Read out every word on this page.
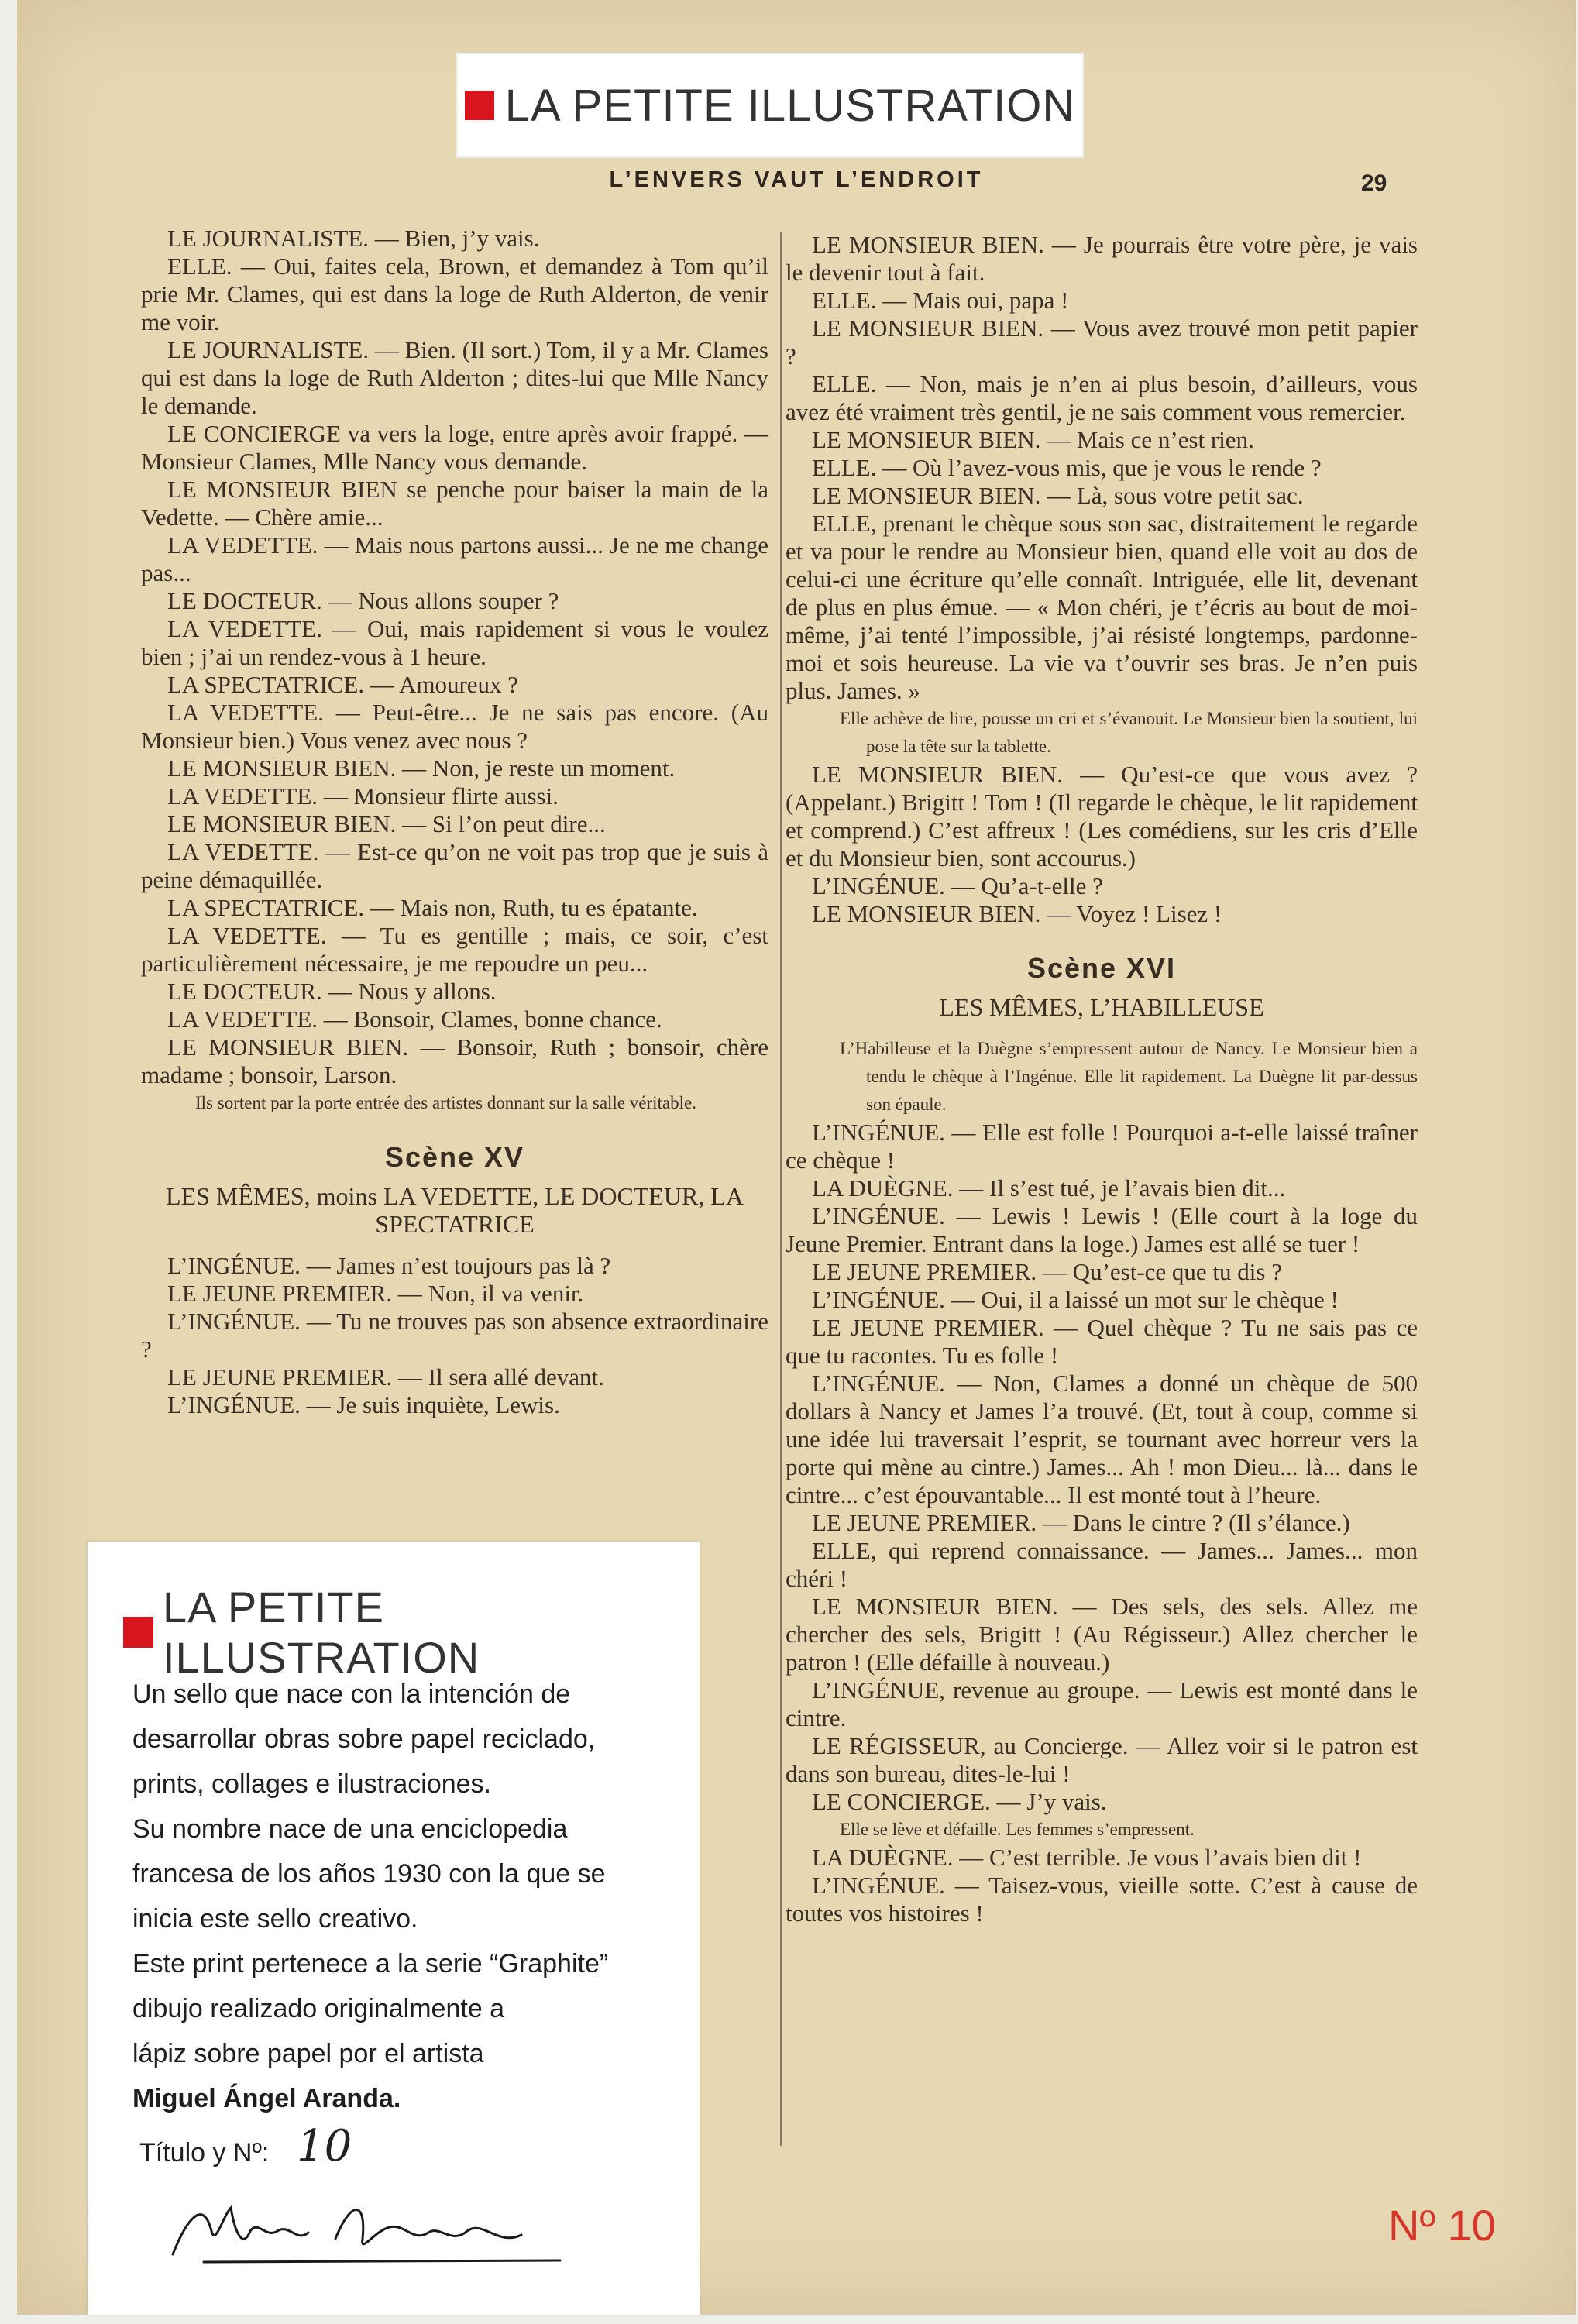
LA PETITE ILLUSTRATION
L’ENVERS VAUT L’ENDROIT	29

LE JOURNALISTE. — Bien, j’y vais.

ELLE. — Oui, faites cela, Brown, et demandez à Tom qu’il prie Mr. Clames, qui est dans la loge de Ruth Alderton, de venir me voir.

LE JOURNALISTE. — Bien. (Il sort.) Tom, il y a Mr. Clames qui est dans la loge de Ruth Alderton ; dites-lui que Mlle Nancy le demande.

LE CONCIERGE va vers la loge, entre après avoir frappé. — Monsieur Clames, Mlle Nancy vous demande.

LE MONSIEUR BIEN se penche pour baiser la main de la Vedette. — Chère amie...

LA VEDETTE. — Mais nous partons aussi... Je ne me change pas...

LE DOCTEUR. — Nous allons souper ?

LA VEDETTE. — Oui, mais rapidement si vous le voulez bien ; j’ai un rendez-vous à 1 heure.

LA SPECTATRICE. — Amoureux ?

LA VEDETTE. — Peut-être... Je ne sais pas encore. (Au Monsieur bien.) Vous venez avec nous ?

LE MONSIEUR BIEN. — Non, je reste un moment.

LA VEDETTE. — Monsieur flirte aussi.

LE MONSIEUR BIEN. — Si l’on peut dire...

LA VEDETTE. — Est-ce qu’on ne voit pas trop que je suis à peine démaquillée.

LA SPECTATRICE. — Mais non, Ruth, tu es épatante.

LA VEDETTE. — Tu es gentille ; mais, ce soir, c’est particulièrement nécessaire, je me repoudre un peu...

LE DOCTEUR. — Nous y allons.

LA VEDETTE. — Bonsoir, Clames, bonne chance.

LE MONSIEUR BIEN. — Bonsoir, Ruth ; bonsoir, chère madame ; bonsoir, Larson.

Ils sortent par la porte entrée des artistes donnant sur la salle véritable.

Scène XV
LES MÊMES, moins LA VEDETTE, LE DOCTEUR, LA SPECTATRICE

L’INGÉNUE. — James n’est toujours pas là ?

LE JEUNE PREMIER. — Non, il va venir.

L’INGÉNUE. — Tu ne trouves pas son absence extraordinaire ?

LE JEUNE PREMIER. — Il sera allé devant.

L’INGÉNUE. — Je suis inquiète, Lewis.

LE MONSIEUR BIEN. — Je pourrais être votre père, je vais le devenir tout à fait.

ELLE. — Mais oui, papa !

LE MONSIEUR BIEN. — Vous avez trouvé mon petit papier ?

ELLE. — Non, mais je n’en ai plus besoin, d’ailleurs, vous avez été vraiment très gentil, je ne sais comment vous remercier.

LE MONSIEUR BIEN. — Mais ce n’est rien.

ELLE. — Où l’avez-vous mis, que je vous le rende ?

LE MONSIEUR BIEN. — Là, sous votre petit sac.

ELLE, prenant le chèque sous son sac, distraitement le regarde et va pour le rendre au Monsieur bien, quand elle voit au dos de celui-ci une écriture qu’elle connaît. Intriguée, elle lit, devenant de plus en plus émue. — « Mon chéri, je t’écris au bout de moi-même, j’ai tenté l’impossible, j’ai résisté longtemps, pardonne-moi et sois heureuse. La vie va t’ouvrir ses bras. Je n’en puis plus. James. »

Elle achève de lire, pousse un cri et s’évanouit. Le Monsieur bien la soutient, lui pose la tête sur la tablette.

LE MONSIEUR BIEN. — Qu’est-ce que vous avez ? (Appelant.) Brigitt ! Tom ! (Il regarde le chèque, le lit rapidement et comprend.) C’est affreux ! (Les comédiens, sur les cris d’Elle et du Monsieur bien, sont accourus.)

L’INGÉNUE. — Qu’a-t-elle ?

LE MONSIEUR BIEN. — Voyez ! Lisez !

Scène XVI
LES MÊMES, L’HABILLEUSE

L’Habilleuse et la Duègne s’empressent autour de Nancy. Le Monsieur bien a tendu le chèque à l’Ingénue. Elle lit rapidement. La Duègne lit par-dessus son épaule.

L’INGÉNUE. — Elle est folle ! Pourquoi a-t-elle laissé traîner ce chèque !

LA DUÈGNE. — Il s’est tué, je l’avais bien dit...

L’INGÉNUE. — Lewis ! Lewis ! (Elle court à la loge du Jeune Premier. Entrant dans la loge.) James est allé se tuer !

LE JEUNE PREMIER. — Qu’est-ce que tu dis ?

L’INGÉNUE. — Oui, il a laissé un mot sur le chèque !

LE JEUNE PREMIER. — Quel chèque ? Tu ne sais pas ce que tu racontes. Tu es folle !

L’INGÉNUE. — Non, Clames a donné un chèque de 500 dollars à Nancy et James l’a trouvé. (Et, tout à coup, comme si une idée lui traversait l’esprit, se tournant avec horreur vers la porte qui mène au cintre.) James... Ah ! mon Dieu... là... dans le cintre... c’est épouvantable... Il est monté tout à l’heure.

LE JEUNE PREMIER. — Dans le cintre ? (Il s’élance.)

ELLE, qui reprend connaissance. — James... James... mon chéri !

LE MONSIEUR BIEN. — Des sels, des sels. Allez me chercher des sels, Brigitt ! (Au Régisseur.) Allez chercher le patron ! (Elle défaille à nouveau.)

L’INGÉNUE, revenue au groupe. — Lewis est monté dans le cintre.

LE RÉGISSEUR, au Concierge. — Allez voir si le patron est dans son bureau, dites-le-lui !

LE CONCIERGE. — J’y vais.

Elle se lève et défaille. Les femmes s’empressent.

LA DUÈGNE. — C’est terrible. Je vous l’avais bien dit !

L’INGÉNUE. — Taisez-vous, vieille sotte. C’est à cause de toutes vos histoires !

Nº 10
LA PETITE ILLUSTRATION

Un sello que nace con la intención de

desarrollar obras sobre papel reciclado,

prints, collages e ilustraciones.

Su nombre nace de una enciclopedia

francesa de los años 1930 con la que se

inicia este sello creativo.

Este print pertenece a la serie “Graphite”

dibujo realizado originalmente a

lápiz sobre papel por el artista

Miguel Ángel Aranda.

Título y Nº: 10
